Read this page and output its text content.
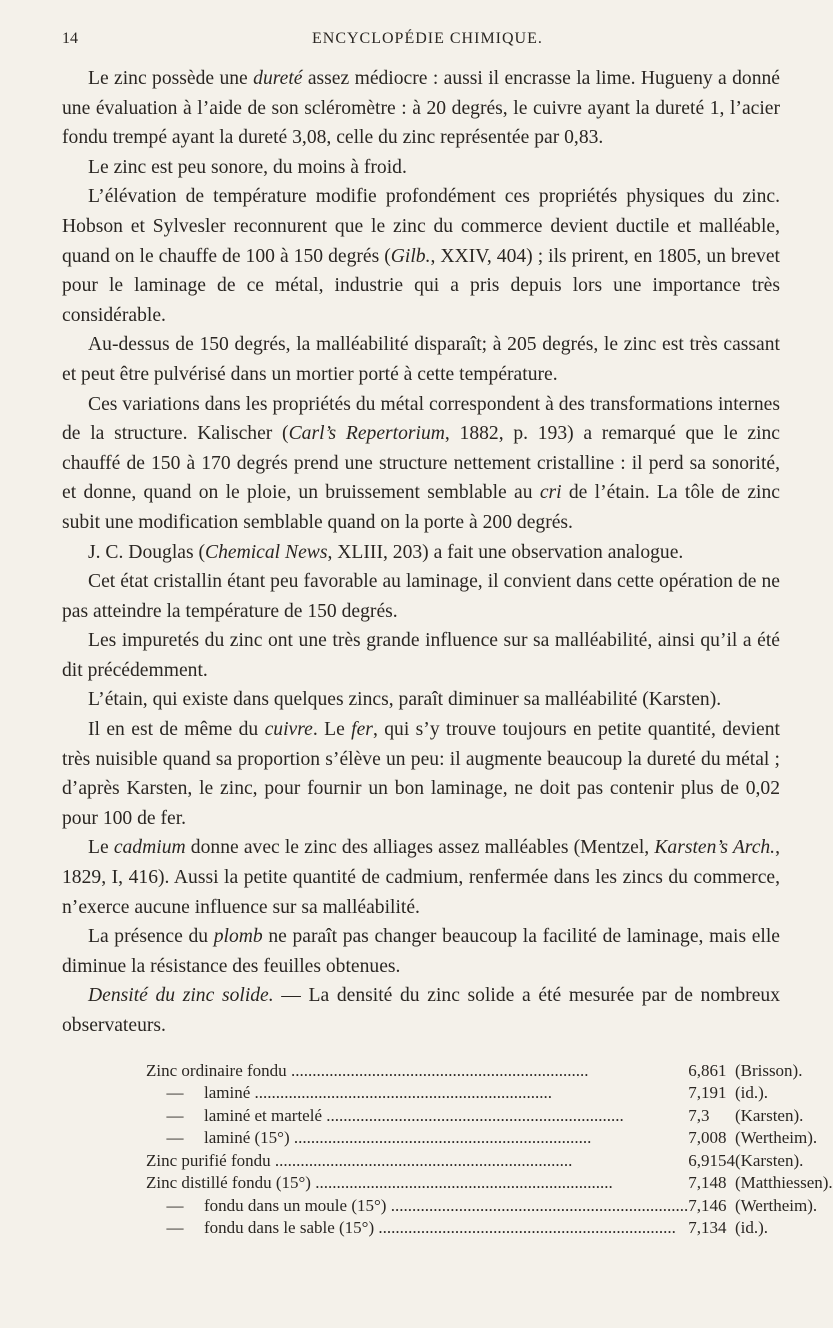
14	ENCYCLOPÉDIE CHIMIQUE.

Le zinc possède une dureté assez médiocre : aussi il encrasse la lime. Hugueny a donné une évaluation à l’aide de son scléromètre : à 20 degrés, le cuivre ayant la dureté 1, l’acier fondu trempé ayant la dureté 3,08, celle du zinc représentée par 0,83.

Le zinc est peu sonore, du moins à froid.

L’élévation de température modifie profondément ces propriétés physiques du zinc. Hobson et Sylvesler reconnurent que le zinc du commerce devient ductile et malléable, quand on le chauffe de 100 à 150 degrés (Gilb., XXIV, 404) ; ils prirent, en 1805, un brevet pour le laminage de ce métal, industrie qui a pris depuis lors une importance très considérable.

Au-dessus de 150 degrés, la malléabilité disparaît; à 205 degrés, le zinc est très cassant et peut être pulvérisé dans un mortier porté à cette température.

Ces variations dans les propriétés du métal correspondent à des transformations internes de la structure. Kalischer (Carl’s Repertorium, 1882, p. 193) a remarqué que le zinc chauffé de 150 à 170 degrés prend une structure nettement cristalline : il perd sa sonorité, et donne, quand on le ploie, un bruissement semblable au cri de l’étain. La tôle de zinc subit une modification semblable quand on la porte à 200 degrés.

J. C. Douglas (Chemical News, XLIII, 203) a fait une observation analogue.

Cet état cristallin étant peu favorable au laminage, il convient dans cette opération de ne pas atteindre la température de 150 degrés.

Les impuretés du zinc ont une très grande influence sur sa malléabilité, ainsi qu’il a été dit précédemment.

L’étain, qui existe dans quelques zincs, paraît diminuer sa malléabilité (Karsten).

Il en est de même du cuivre. Le fer, qui s’y trouve toujours en petite quantité, devient très nuisible quand sa proportion s’élève un peu: il augmente beaucoup la dureté du métal ; d’après Karsten, le zinc, pour fournir un bon laminage, ne doit pas contenir plus de 0,02 pour 100 de fer.

Le cadmium donne avec le zinc des alliages assez malléables (Mentzel, Karsten’s Arch., 1829, I, 416). Aussi la petite quantité de cadmium, renfermée dans les zincs du commerce, n’exerce aucune influence sur sa malléabilité.

La présence du plomb ne paraît pas changer beaucoup la facilité de laminage, mais elle diminue la résistance des feuilles obtenues.

Densité du zinc solide. — La densité du zinc solide a été mesurée par de nombreux observateurs.

Zinc ordinaire fondu ......................................................................	6,861	(Brisson).
— laminé ......................................................................	7,191	(id.).
— laminé et martelé ......................................................................	7,3	(Karsten).
— laminé (15°) ......................................................................	7,008	(Wertheim).
Zinc purifié fondu ......................................................................	6,9154	(Karsten).
Zinc distillé fondu (15°) ......................................................................	7,148	(Matthiessen).
— fondu dans un moule (15°) ......................................................................	7,146	(Wertheim).
— fondu dans le sable (15°) ......................................................................	7,134	(id.).
